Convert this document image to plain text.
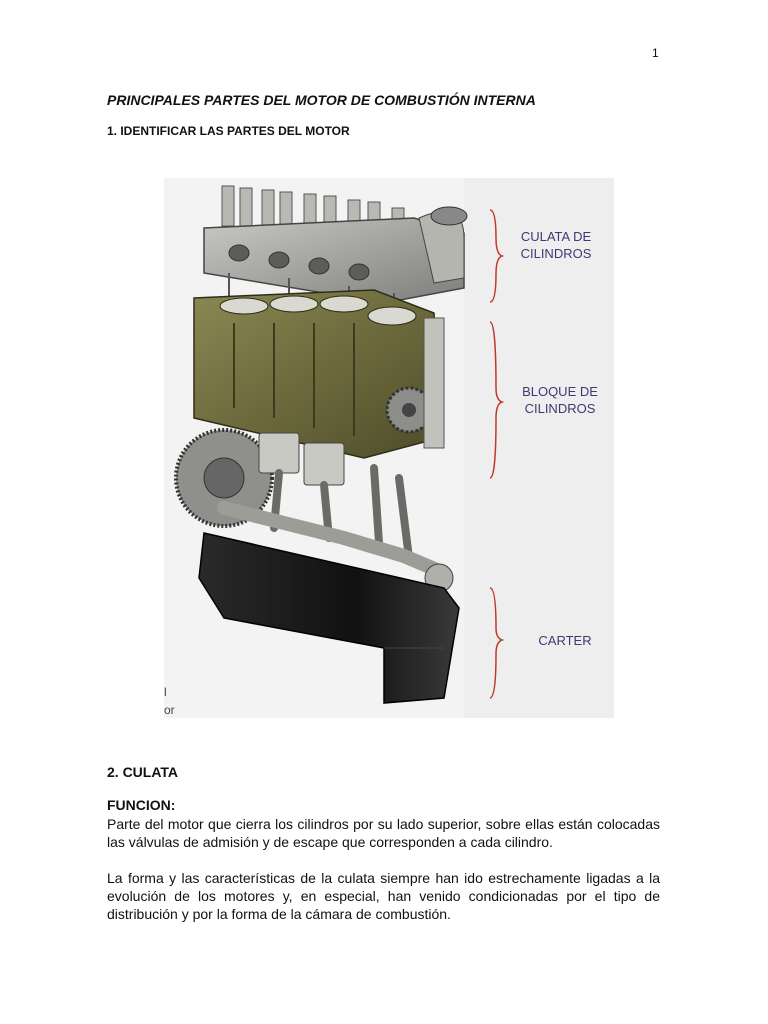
1
PRINCIPALES PARTES DEL MOTOR DE COMBUSTIÓN INTERNA
1. IDENTIFICAR LAS PARTES DEL MOTOR
l
or
CULATA DE
CILINDROS
BLOQUE DE
CILINDROS
CARTER
2. CULATA
FUNCION:

Parte del motor que cierra los cilindros por su lado superior, sobre ellas están colocadas las válvulas de admisión y de escape que corresponden a cada cilindro.

La forma y las características de la culata siempre han ido estrechamente ligadas a la evolución de los motores y, en especial, han venido condicionadas por el tipo de distribución y por la forma de la cámara de combustión.
